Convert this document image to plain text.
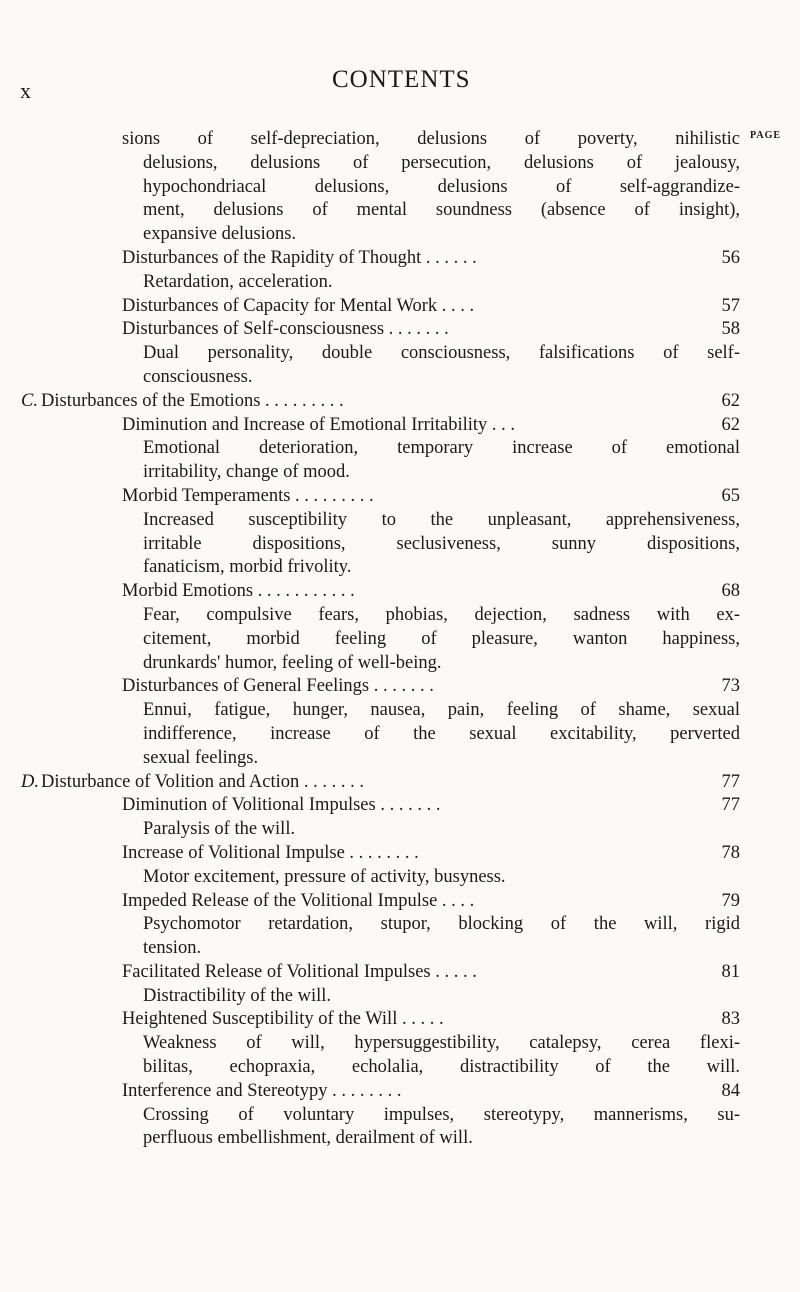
x	CONTENTS
PAGE
sions of self-depreciation, delusions of poverty, nihilistic
delusions, delusions of persecution, delusions of jealousy,
hypochondriacal delusions, delusions of self-aggrandize-
ment, delusions of mental soundness (absence of insight),
expansive delusions.
Disturbances of the Rapidity of Thought . . . . . .	56
Retardation, acceleration.
Disturbances of Capacity for Mental Work . . . .	57
Disturbances of Self-consciousness . . . . . . .	58
Dual personality, double consciousness, falsifications of self-
consciousness.
C. Disturbances of the Emotions . . . . . . . . .	62
Diminution and Increase of Emotional Irritability . . .	62
Emotional deterioration, temporary increase of emotional
irritability, change of mood.
Morbid Temperaments . . . . . . . . .	65
Increased susceptibility to the unpleasant, apprehensiveness,
irritable dispositions, seclusiveness, sunny dispositions,
fanaticism, morbid frivolity.
Morbid Emotions . . . . . . . . . . .	68
Fear, compulsive fears, phobias, dejection, sadness with ex-
citement, morbid feeling of pleasure, wanton happiness,
drunkards' humor, feeling of well-being.
Disturbances of General Feelings . . . . . . .	73
Ennui, fatigue, hunger, nausea, pain, feeling of shame, sexual
indifference, increase of the sexual excitability, perverted
sexual feelings.
D. Disturbance of Volition and Action . . . . . . .	77
Diminution of Volitional Impulses . . . . . . .	77
Paralysis of the will.
Increase of Volitional Impulse . . . . . . . .	78
Motor excitement, pressure of activity, busyness.
Impeded Release of the Volitional Impulse . . . .	79
Psychomotor retardation, stupor, blocking of the will, rigid
tension.
Facilitated Release of Volitional Impulses . . . . .	81
Distractibility of the will.
Heightened Susceptibility of the Will . . . . .	83
Weakness of will, hypersuggestibility, catalepsy, cerea flexi-
bilitas, echopraxia, echolalia, distractibility of the will.
Interference and Stereotypy . . . . . . . .	84
Crossing of voluntary impulses, stereotypy, mannerisms, su-
perfluous embellishment, derailment of will.
